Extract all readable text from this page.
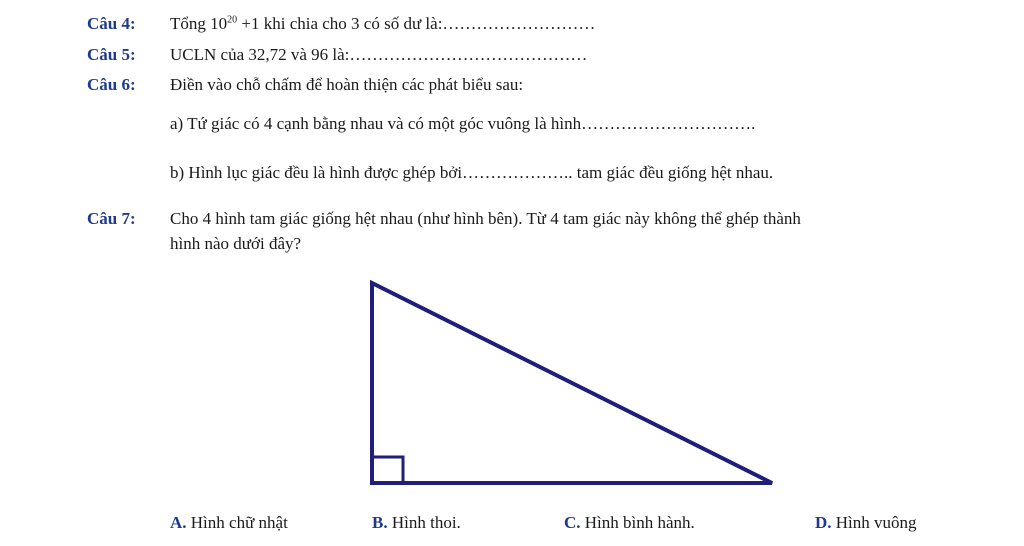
Câu 4: Tổng $10^{20} +1$ khi chia cho 3 có số dư là:………………………
Câu 5: UCLN của 32,72 và 96 là:……………………………………
Câu 6: Điền vào chỗ chấm để hoàn thiện các phát biểu sau:
a) Tứ giác có 4 cạnh bằng nhau và có một góc vuông là hình………………………….
b) Hình lục giác đều là hình được ghép bởi……………….. tam giác đều giống hệt nhau.
Câu 7: Cho 4 hình tam giác giống hệt nhau (như hình bên). Từ 4 tam giác này không thể ghép thành
hình nào dưới đây?
A. Hình chữ nhật	B. Hình thoi.	C. Hình bình hành.	D. Hình vuông
